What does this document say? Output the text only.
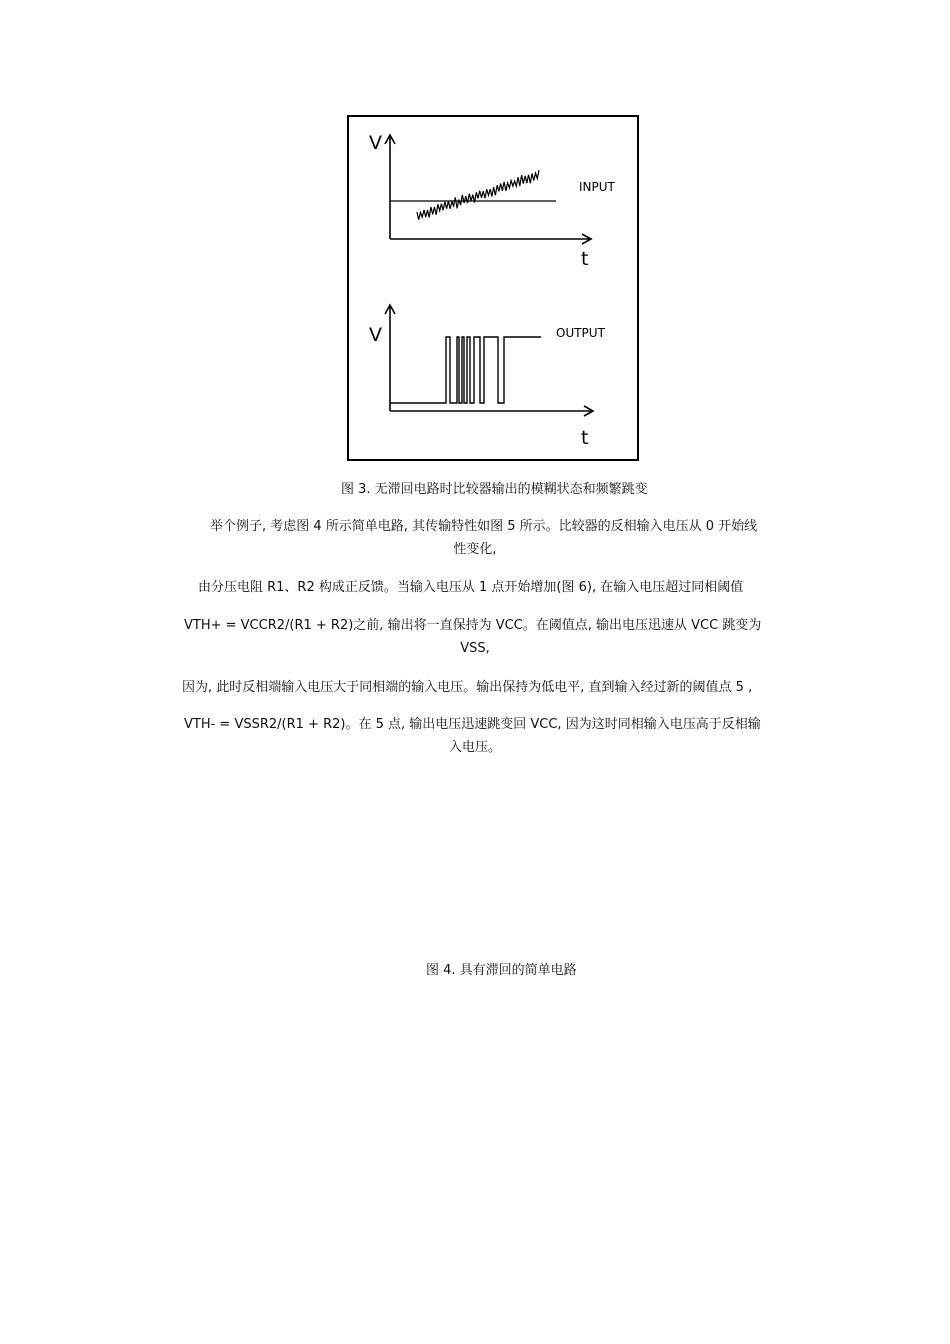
V
t
INPUT
V
t
OUTPUT
图 3. 无滞回电路时比较器输出的模糊状态和频繁跳变
举个例子, 考虑图 4 所示简单电路, 其传输特性如图 5 所示。比较器的反相输入电压从 0 开始线
性变化,
由分压电阻 R1、R2 构成正反馈。当输入电压从 1 点开始增加(图 6), 在输入电压超过同相阈值
VTH+ = VCCR2/(R1 + R2)之前, 输出将一直保持为 VCC。在阈值点, 输出电压迅速从 VCC 跳变为
VSS,
因为, 此时反相端输入电压大于同相端的输入电压。输出保持为低电平, 直到输入经过新的阈值点 5 ,
VTH- = VSSR2/(R1 + R2)。在 5 点, 输出电压迅速跳变回 VCC, 因为这时同相输入电压高于反相输
入电压。
图 4. 具有滞回的简单电路
